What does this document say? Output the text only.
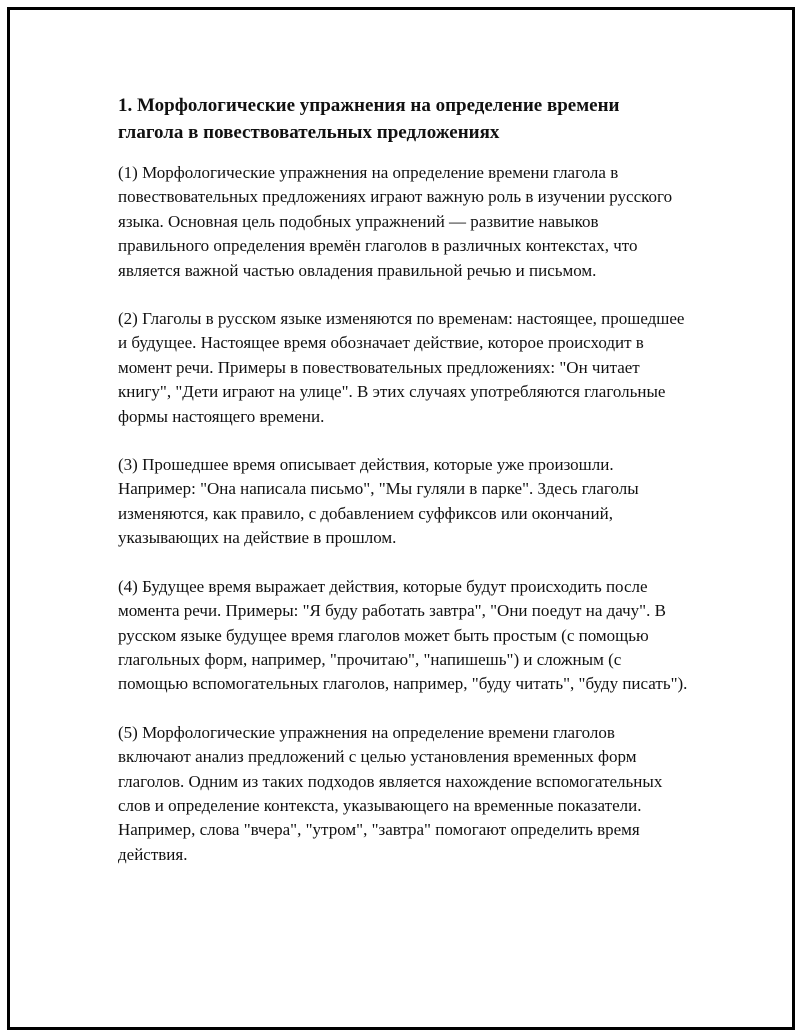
1. Морфологические упражнения на определение времени глагола в повествовательных предложениях

(1) Морфологические упражнения на определение времени глагола в повествовательных предложениях играют важную роль в изучении русского языка. Основная цель подобных упражнений — развитие навыков правильного определения времён глаголов в различных контекстах, что является важной частью овладения правильной речью и письмом.

(2) Глаголы в русском языке изменяются по временам: настоящее, прошедшее и будущее. Настоящее время обозначает действие, которое происходит в момент речи. Примеры в повествовательных предложениях: "Он читает книгу", "Дети играют на улице". В этих случаях употребляются глагольные формы настоящего времени.

(3) Прошедшее время описывает действия, которые уже произошли. Например: "Она написала письмо", "Мы гуляли в парке". Здесь глаголы изменяются, как правило, с добавлением суффиксов или окончаний, указывающих на действие в прошлом.

(4) Будущее время выражает действия, которые будут происходить после момента речи. Примеры: "Я буду работать завтра", "Они поедут на дачу". В русском языке будущее время глаголов может быть простым (с помощью глагольных форм, например, "прочитаю", "напишешь") и сложным (с помощью вспомогательных глаголов, например, "буду читать", "буду писать").

(5) Морфологические упражнения на определение времени глаголов включают анализ предложений с целью установления временных форм глаголов. Одним из таких подходов является нахождение вспомогательных слов и определение контекста, указывающего на временные показатели. Например, слова "вчера", "утром", "завтра" помогают определить время действия.
